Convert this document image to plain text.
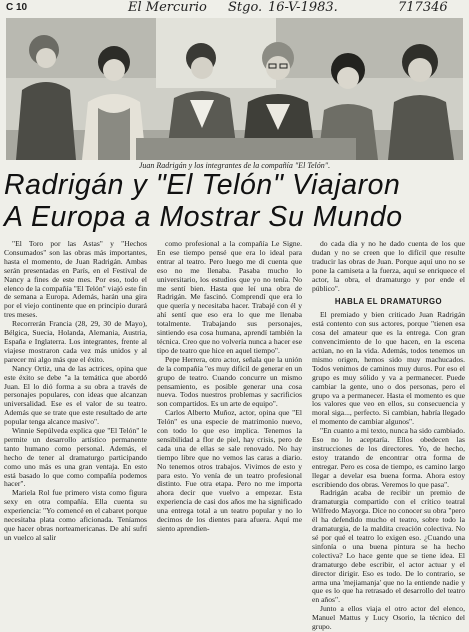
C 10	El Mercurio Stgo. 16-V-1983.	717346
Juan Radrigán y los integrantes de la compañía "El Telón".
Radrigán y "El Telón" Viajaron
A Europa a Mostrar Su Mundo

"El Toro por las Astas" y "Hechos Consumados" son las obras más importantes, hasta el momento, de Juan Radrigán. Ambas serán presentadas en París, en el Festival de Nancy a fines de este mes. Por eso, todo el elenco de la compañía "El Telón" viajó este fin de semana a Europa. Además, harán una gira por el viejo continente que en principio durará tres meses.

Recorrerán Francia (28, 29, 30 de Mayo), Bélgica, Suecia, Holanda, Alemania, Austria, España e Inglaterra. Los integrantes, frente al viajese mostraron cada vez más unidos y al parecer mi algo más que el éxito.

Nancy Ortiz, una de las actrices, opina que este éxito se debe "a la temática que abordó Juan. El lo dió forma a su obra a través de personajes populares, con ideas que alcanzan universalidad. Ese es el valor de su teatro. Además que se trate que este resultado de arte popular tenga alcance masivo".

Winnie Sepúlveda explica que "El Telón" le permite un desarrollo artístico permanente tanto humano como personal. Además, el hecho de tener al dramaturgo participando como uno más es una gran ventaja. En esto está basado lo que como compañía podemos hacer".

Mariela Rol fue primero vista como figura sexy en otra compañía. Ella cuenta su experiencia: "Yo comencé en el cabaret porque necesitaba plata como aficionada. Teníamos que hacer obras norteamericanas. De ahí sufrí un vuelco al salir

como profesional a la compañía Le Signe. En ese tiempo pensé que era lo ideal para entrar al teatro. Pero luego me di cuenta que eso no me llenaba. Pasaba mucho lo universitario, los estudios que yo no tenía. No me sentí bien. Hasta que leí una obra de Radrigán. Me fascinó. Comprendí que era lo que quería y necesitaba hacer. Trabajé con él y ahí sentí que eso era lo que me llenaba totalmente. Trabajando sus personajes, sintiendo esa cosa humana, aprendí también la técnica. Creo que no volvería nunca a hacer ese tipo de teatro que hice en aquel tiempo".

Pepe Herrera, otro actor, señala que la unión de la compañía "es muy difícil de generar en un grupo de teatro. Cuando concurre un mismo pensamiento, es posible generar una cosa nueva. Todos nuestros problemas y sacrificios son compartidos. Es un arte de equipo".

Carlos Alberto Muñoz, actor, opina que "El Telón" es una especie de matrimonio nuevo, con todo lo que eso implica. Tenemos la sensibilidad a flor de piel, hay crisis, pero de cada una de ellas se sale renovado. No hay tiempo libre que no vemos las caras a diario. No tenemos otros trabajos. Vivimos de esto y para esto. Yo venía de un teatro profesional distinto. Fue otra etapa. Pero no me importa ahora decir que vuelvo a empezar. Esta experiencia de casi dos años me ha significado una entrega total a un teatro popular y no lo decimos de los dientes para afuera. Aquí me siento aprendien-

do cada día y no he dado cuenta de los que dudan y no se creen que lo difícil que resulte traducir las obras de Juan. Porque aquí uno no se pone la camiseta a la fuerza, aquí se enriquece el actor, la obra, el dramaturgo y por ende el público".

HABLA EL DRAMATURGO

El premiado y bien criticado Juan Radrigán está contento con sus actores, porque "tienen esa cosa del amateur que es la entrega. Con gran convencimiento de lo que hacen, en la escena actúan, no en la vida. Además, todos tenemos un mismo origen, hemos sido muy machucados. Todos venimos de caminos muy duros. Por eso el grupo es muy sólido y va a permanecer. Puede cambiar la gente, uno o dos personas, pero el grupo va a permanecer. Hasta el momento es que los valores que veo en ellos, su consecuencia y moral siga..., perfecto. Si cambian, habría llegado el momento de cambiar algunos".

"En cuanto a mi texto, nunca ha sido cambiado. Eso no lo aceptaría. Ellos obedecen las instrucciones de los directores. Yo, de hecho, estoy tratando de encontrar otra forma de entregar. Pero es cosa de tiempo, es camino largo llegar a develar esa buena forma. Ahora estoy escribiendo dos obras. Veremos lo que pasa".

Radrigán acaba de recibir un premio de dramaturgia compartido con el crítico teatral Wilfredo Mayorga. Dice no conocer su obra "pero él ha defendido mucho el teatro, sobre todo la dramaturgia, de la maldita creación colectiva. No sé por qué el teatro lo exigen eso. ¿Cuando una sinfonía o una buena pintura se ha hecho colectiva? Lo hace gente que se tiene idea. El dramaturgo debe escribir, el actor actuar y el director dirigir. Eso es todo. De lo contrario, se arma una 'mejiamanja' que no la entiende nadie y que es lo que ha retrasado el desarrollo del teatro en años".

Junto a ellos viaja el otro actor del elenco, Manuel Mattus y Lucy Osorio, la técnico del grupo.
